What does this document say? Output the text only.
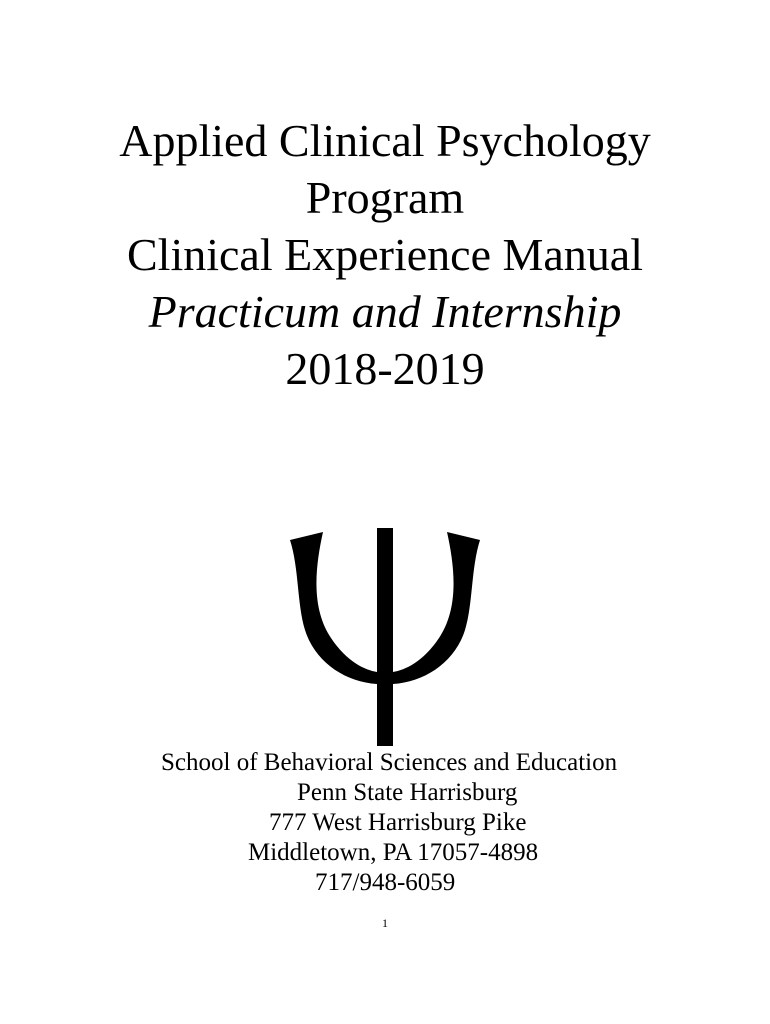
Applied Clinical Psychology
Program
Clinical Experience Manual
Practicum and Internship
2018-2019
School of Behavioral Sciences and Education
Penn State Harrisburg
777 West Harrisburg Pike
Middletown, PA 17057-4898
717/948-6059
1
